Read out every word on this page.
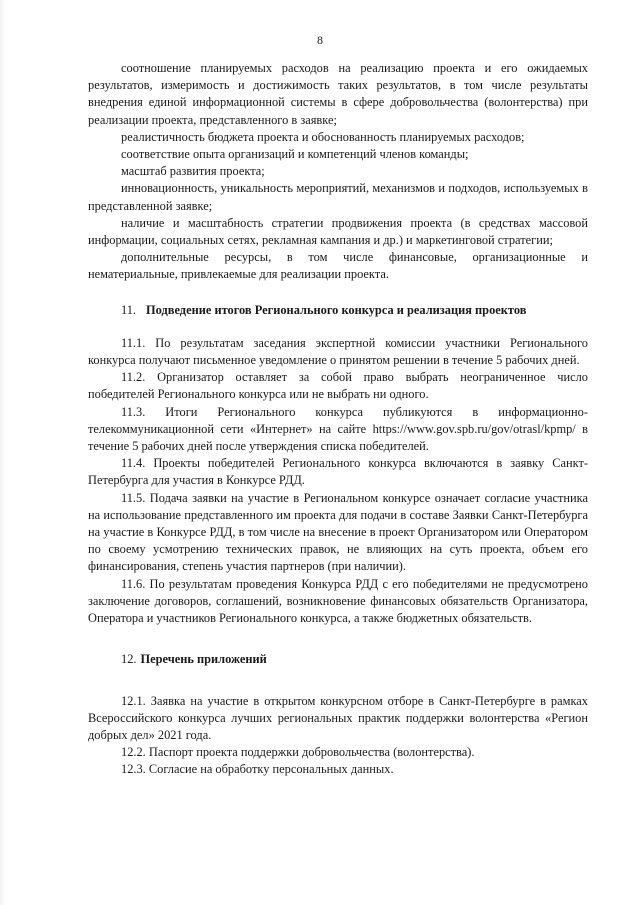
8

соотношение планируемых расходов на реализацию проекта и его ожидаемых результатов, измеримость и достижимость таких результатов, в том числе результаты внедрения единой информационной системы в сфере добровольчества (волонтерства) при реализации проекта, представленного в заявке;

реалистичность бюджета проекта и обоснованность планируемых расходов;

соответствие опыта организаций и компетенций членов команды;

масштаб развития проекта;

инновационность, уникальность мероприятий, механизмов и подходов, используемых в представленной заявке;

наличие и масштабность стратегии продвижения проекта (в средствах массовой информации, социальных сетях, рекламная кампания и др.) и маркетинговой стратегии;

дополнительные ресурсы, в том числе финансовые, организационные и нематериальные, привлекаемые для реализации проекта.

11. Подведение итогов Регионального конкурса и реализация проектов

11.1. По результатам заседания экспертной комиссии участники Регионального конкурса получают письменное уведомление о принятом решении в течение 5 рабочих дней.

11.2. Организатор оставляет за собой право выбрать неограниченное число победителей Регионального конкурса или не выбрать ни одного.

11.3. Итоги Регионального конкурса публикуются в информационно-телекоммуникационной сети «Интернет» на сайте https://www.gov.spb.ru/gov/otrasl/kpmp/ в течение 5 рабочих дней после утверждения списка победителей.

11.4. Проекты победителей Регионального конкурса включаются в заявку Санкт-Петербурга для участия в Конкурсе РДД.

11.5. Подача заявки на участие в Региональном конкурсе означает согласие участника на использование представленного им проекта для подачи в составе Заявки Санкт-Петербурга на участие в Конкурсе РДД, в том числе на внесение в проект Организатором или Оператором по своему усмотрению технических правок, не влияющих на суть проекта, объем его финансирования, степень участия партнеров (при наличии).

11.6. По результатам проведения Конкурса РДД с его победителями не предусмотрено заключение договоров, соглашений, возникновение финансовых обязательств Организатора, Оператора и участников Регионального конкурса, а также бюджетных обязательств.

12. Перечень приложений

12.1. Заявка на участие в открытом конкурсном отборе в Санкт-Петербурге в рамках Всероссийского конкурса лучших региональных практик поддержки волонтерства «Регион добрых дел» 2021 года.

12.2. Паспорт проекта поддержки добровольчества (волонтерства).

12.3. Согласие на обработку персональных данных.
